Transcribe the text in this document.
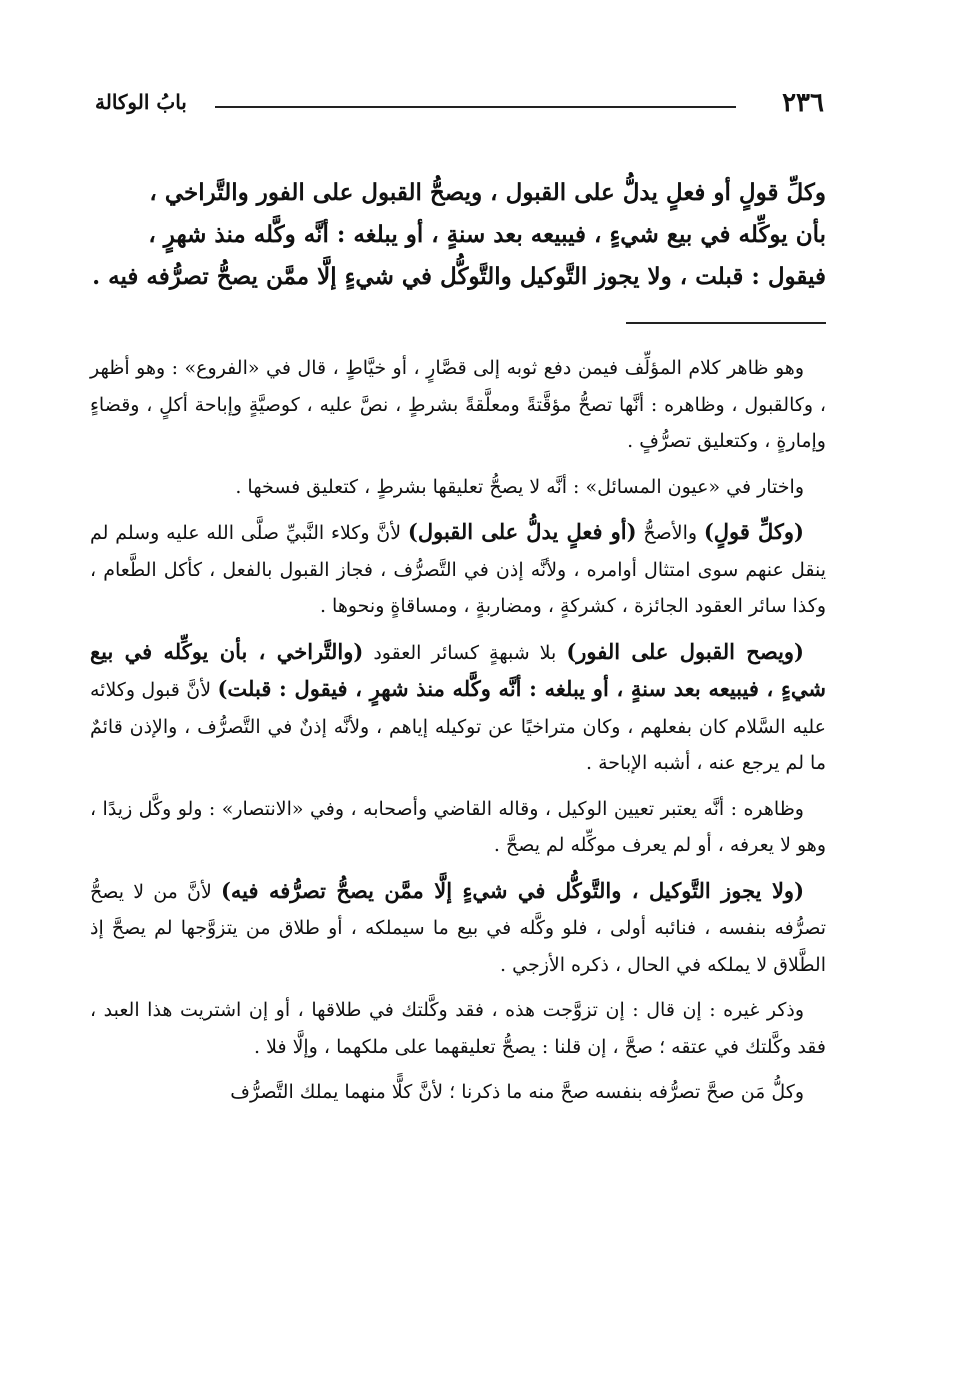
٢٣٦
بابُ الوكالة

وكلِّ قولٍ أو فعلٍ يدلُّ على القبول ، ويصحُّ القبول على الفور والتَّراخي ،

بأن يوكِّله في بيع شيءٍ ، فيبيعه بعد سنةٍ ، أو يبلغه : أنَّه وكَّله منذ شهرٍ ،

فيقول : قبلت ، ولا يجوز التَّوكيل والتَّوكُّل في شيءٍ إلَّا ممَّن يصحُّ تصرُّفه فيه .

وهو ظاهر كلام المؤلِّف فيمن دفع ثوبه إلى قصَّارٍ ، أو خيَّاطٍ ، قال في «الفروع» : وهو أظهر ، وكالقبول ، وظاهره : أنَّها تصحُّ مؤقَّتةً ومعلَّقةً بشرطٍ ، نصَّ عليه ، كوصيَّةٍ وإباحة أكلٍ ، وقضاءٍ وإمارةٍ ، وكتعليق تصرُّفٍ .

واختار في «عيون المسائل» : أنَّه لا يصحُّ تعليقها بشرطٍ ، كتعليق فسخها .

(وكلِّ قولٍ) والأصحُّ (أو فعلٍ يدلُّ على القبول) لأنَّ وكلاء النَّبيِّ صلَّى الله عليه وسلم لم ينقل عنهم سوى امتثال أوامره ، ولأنَّه إذن في التَّصرُّف ، فجاز القبول بالفعل ، كأكل الطَّعام ، وكذا سائر العقود الجائزة ، كشركةٍ ، ومضاربةٍ ، ومساقاةٍ ونحوها .

(ويصح القبول على الفور) بلا شبهةٍ كسائر العقود (والتَّراخي ، بأن يوكِّله في بيع شيءٍ ، فيبيعه بعد سنةٍ ، أو يبلغه : أنَّه وكَّله منذ شهرٍ ، فيقول : قبلت) لأنَّ قبول وكلائه عليه السَّلام كان بفعلهم ، وكان متراخيًا عن توكيله إياهم ، ولأنَّه إذنٌ في التَّصرُّف ، والإذن قائمٌ ما لم يرجع عنه ، أشبه الإباحة .

وظاهره : أنَّه يعتبر تعيين الوكيل ، وقاله القاضي وأصحابه ، وفي «الانتصار» : ولو وكَّل زيدًا ، وهو لا يعرفه ، أو لم يعرف موكِّله لم يصحَّ .

(ولا يجوز التَّوكيل ، والتَّوكُّل في شيءٍ إلَّا ممَّن يصحُّ تصرُّفه فيه) لأنَّ من لا يصحُّ تصرُّفه بنفسه ، فنائبه أولى ، فلو وكَّله في بيع ما سيملكه ، أو طلاق من يتزوَّجها لم يصحَّ إذ الطَّلاق لا يملكه في الحال ، ذكره الأزجي .

وذكر غيره : إن قال : إن تزوَّجت هذه ، فقد وكَّلتك في طلاقها ، أو إن اشتريت هذا العبد ، فقد وكَّلتك في عتقه ؛ صحَّ ، إن قلنا : يصحُّ تعليقهما على ملكهما ، وإلَّا فلا .

وكلُّ مَن صحَّ تصرُّفه بنفسه صحَّ منه ما ذكرنا ؛ لأنَّ كلًّا منهما يملك التَّصرُّف
